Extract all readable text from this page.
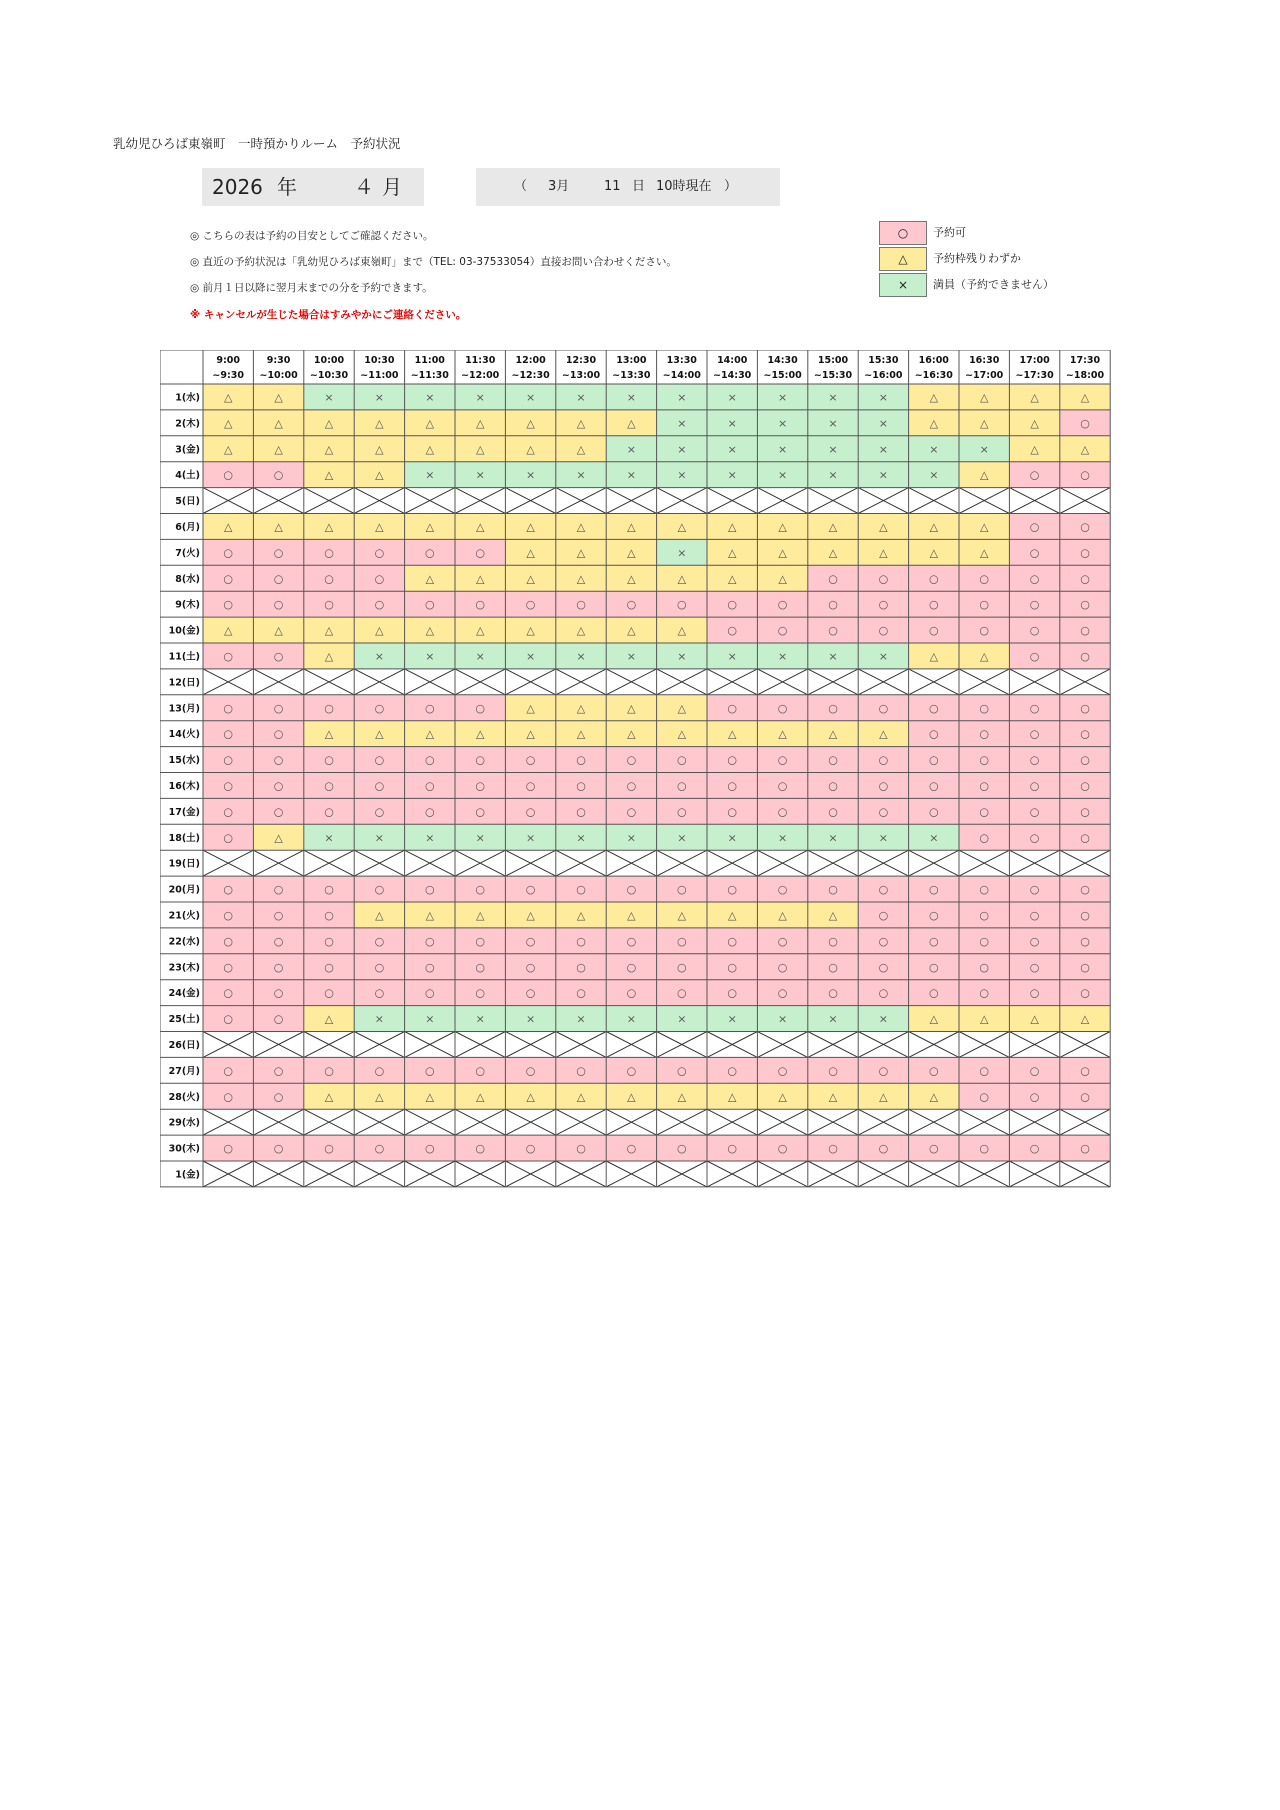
乳幼児ひろば東嶺町　一時預かりルーム　予約状況
2026 年	４ 月	（ 3月	11 日 10時現在 ）
◎ こちらの表は予約の目安としてご確認ください。
◎ 直近の予約状況は「乳幼児ひろば東嶺町」まで（TEL: 03-37533054）直接お問い合わせください。
◎ 前月１日以降に翌月末までの分を予約できます。
※ キャンセルが生じた場合はすみやかにご連絡ください。
○	予約可
△	予約枠残りわずか
×	満員（予約できません）
9:00
~9:30
9:30
~10:00
10:00
~10:30
10:30
~11:00
11:00
~11:30
11:30
~12:00
12:00
~12:30
12:30
~13:00
13:00
~13:30
13:30
~14:00
14:00
~14:30
14:30
~15:00
15:00
~15:30
15:30
~16:00
16:00
~16:30
16:30
~17:00
17:00
~17:30
17:30
~18:00
1(水) △	△	×	×	×	×	×	×	×	×	×	×	×	×	△	△	△	△
2(木) △	△	△	△	△	△	△	△	△	×	×	×	×	×	△	△	△	○
3(金) △	△	△	△	△	△	△	△	×	×	×	×	×	×	×	×	△	△
4(土) ○	○	△	△	×	×	×	×	×	×	×	×	×	×	×	△	○	○
5(日)
6(月) △	△	△	△	△	△	△	△	△	△	△	△	△	△	△	△	○	○
7(火) ○	○	○	○	○	○	△	△	△	×	△	△	△	△	△	△	○	○
8(水) ○	○	○	○	△	△	△	△	△	△	△	△	○	○	○	○	○	○
9(木) ○	○	○	○	○	○	○	○	○	○	○	○	○	○	○	○	○	○
10(金) △	△	△	△	△	△	△	△	△	△	○	○	○	○	○	○	○	○
11(土) ○	○	△	×	×	×	×	×	×	×	×	×	×	×	△	△	○	○
12(日)
13(月) ○	○	○	○	○	○	△	△	△	△	○	○	○	○	○	○	○	○
14(火) ○	○	△	△	△	△	△	△	△	△	△	△	△	△	○	○	○	○
15(水) ○	○	○	○	○	○	○	○	○	○	○	○	○	○	○	○	○	○
16(木) ○	○	○	○	○	○	○	○	○	○	○	○	○	○	○	○	○	○
17(金) ○	○	○	○	○	○	○	○	○	○	○	○	○	○	○	○	○	○
18(土) ○	△	×	×	×	×	×	×	×	×	×	×	×	×	×	○	○	○
19(日)
20(月) ○	○	○	○	○	○	○	○	○	○	○	○	○	○	○	○	○	○
21(火) ○	○	○	△	△	△	△	△	△	△	△	△	△	○	○	○	○	○
22(水) ○	○	○	○	○	○	○	○	○	○	○	○	○	○	○	○	○	○
23(木) ○	○	○	○	○	○	○	○	○	○	○	○	○	○	○	○	○	○
24(金) ○	○	○	○	○	○	○	○	○	○	○	○	○	○	○	○	○	○
25(土) ○	○	△	×	×	×	×	×	×	×	×	×	×	×	△	△	△	△
26(日)
27(月) ○	○	○	○	○	○	○	○	○	○	○	○	○	○	○	○	○	○
28(火) ○	○	△	△	△	△	△	△	△	△	△	△	△	△	△	○	○	○
29(水)
30(木) ○	○	○	○	○	○	○	○	○	○	○	○	○	○	○	○	○	○
1(金)
